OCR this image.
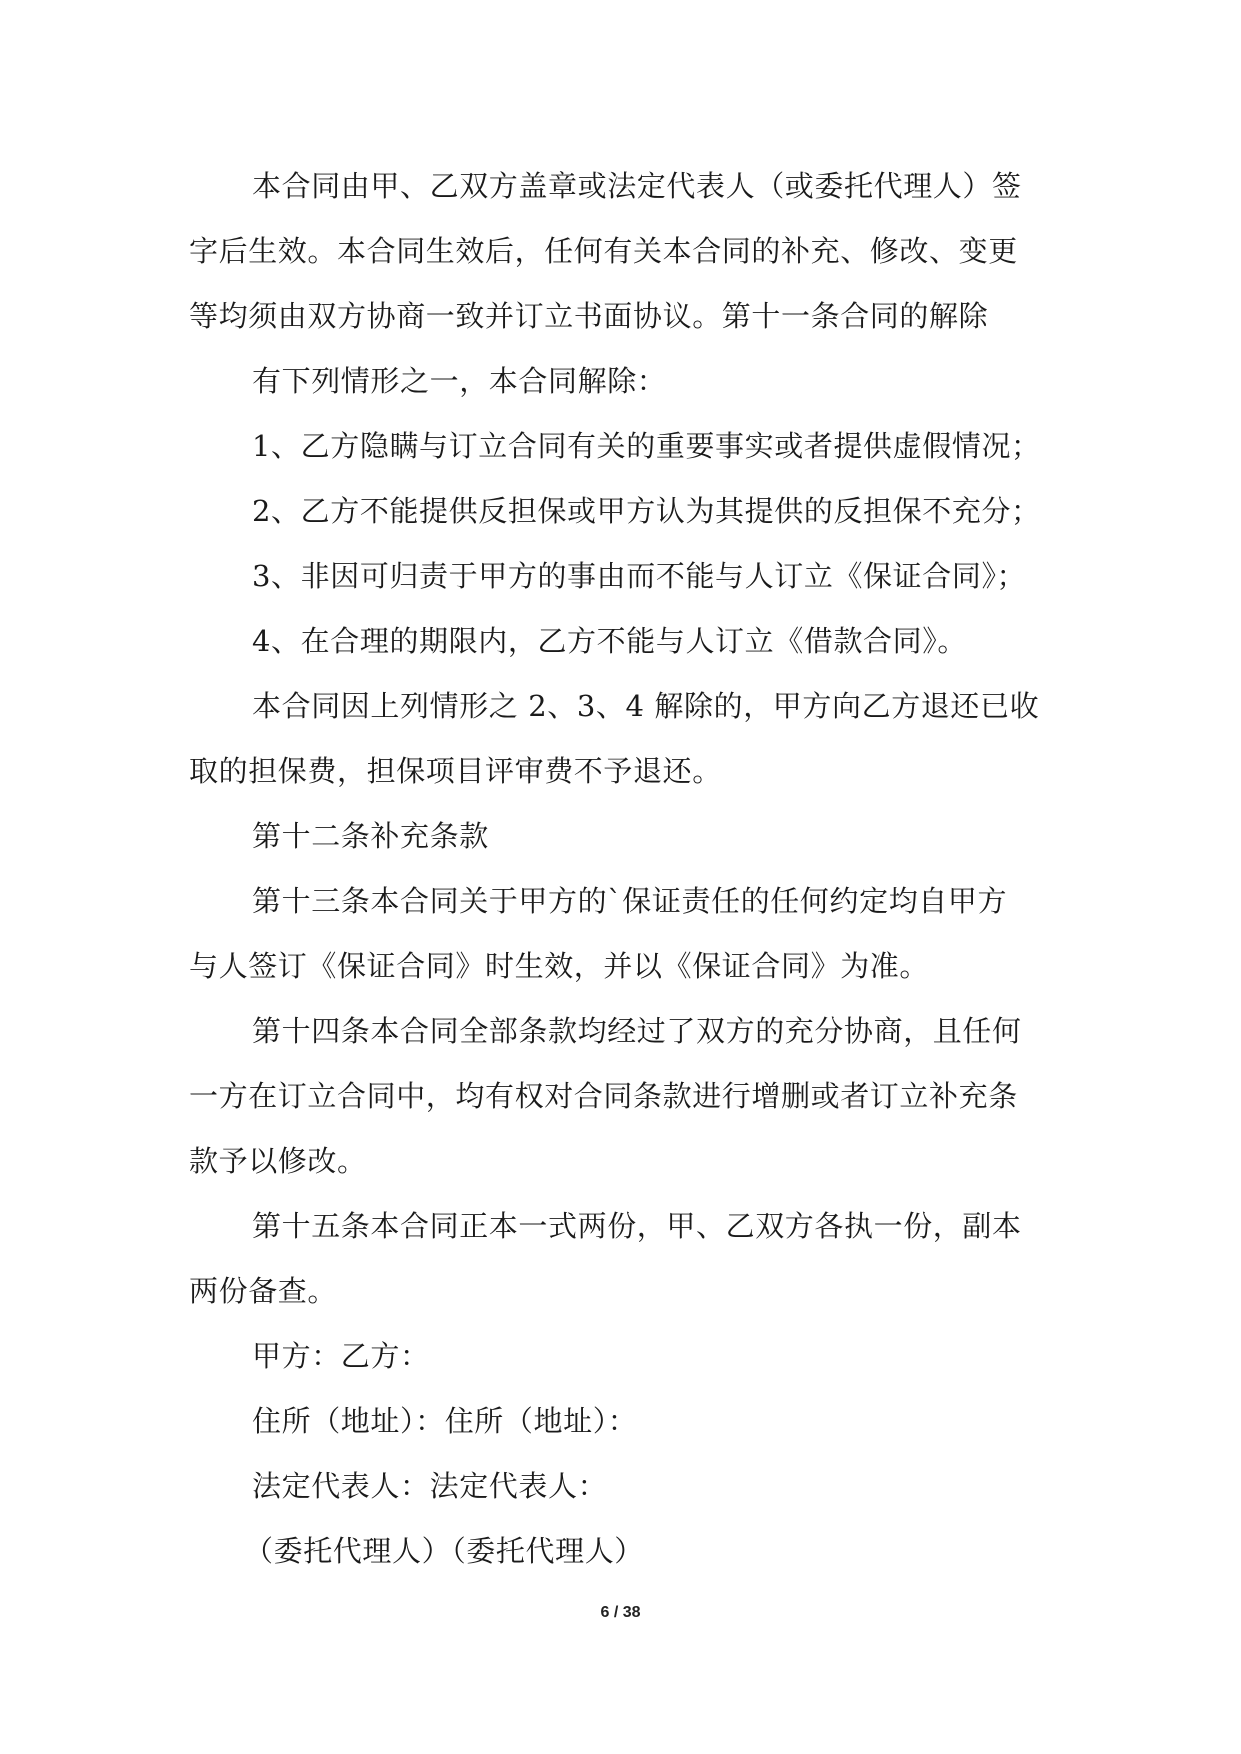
本合同由甲、乙双方盖章或法定代表人（或委托代理人）签
字后生效。本合同生效后，任何有关本合同的补充、修改、变更
等均须由双方协商一致并订立书面协议。第十一条合同的解除
有下列情形之一，本合同解除：
1、乙方隐瞒与订立合同有关的重要事实或者提供虚假情况；
2、乙方不能提供反担保或甲方认为其提供的反担保不充分；
3、非因可归责于甲方的事由而不能与人订立《保证合同》；
4、在合理的期限内，乙方不能与人订立《借款合同》。
本合同因上列情形之 2、3、4 解除的，甲方向乙方退还已收
取的担保费，担保项目评审费不予退还。
第十二条补充条款
第十三条本合同关于甲方的`保证责任的任何约定均自甲方
与人签订《保证合同》时生效，并以《保证合同》为准。
第十四条本合同全部条款均经过了双方的充分协商，且任何
一方在订立合同中，均有权对合同条款进行增删或者订立补充条
款予以修改。
第十五条本合同正本一式两份，甲、乙双方各执一份，副本
两份备查。
甲方：乙方：
住所（地址）：住所（地址）：
法定代表人：法定代表人：
（委托代理人）（委托代理人）
6 / 38
